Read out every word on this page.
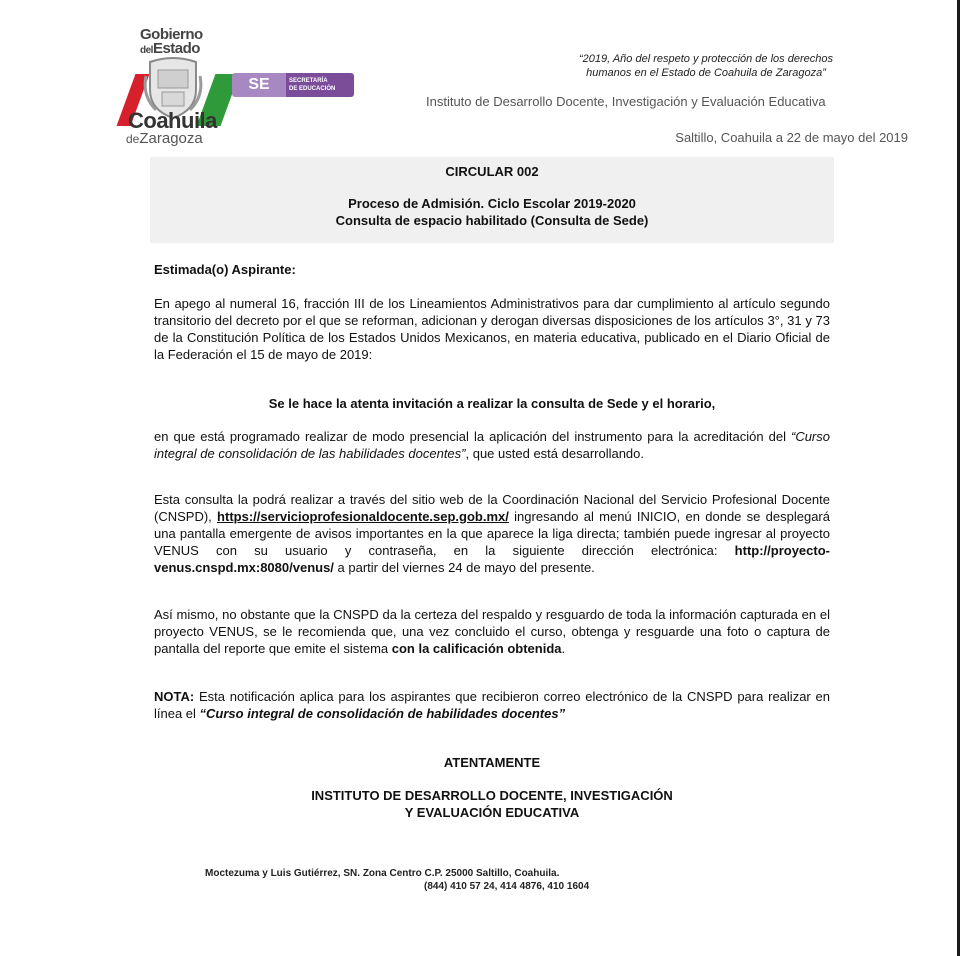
Gobierno
delEstado
Coahuila
deZaragoza
SE	SECRETARÍA
DE EDUCACIÓN
“2019, Año del respeto y protección de los derechos
humanos en el Estado de Coahuila de Zaragoza”
Instituto de Desarrollo Docente, Investigación y Evaluación Educativa
Saltillo, Coahuila a 22 de mayo del 2019
CIRCULAR 002
Proceso de Admisión. Ciclo Escolar 2019-2020
Consulta de espacio habilitado (Consulta de Sede)
Estimada(o) Aspirante:
En apego al numeral 16, fracción III de los Lineamientos Administrativos para dar cumplimiento al artículo segundo transitorio del decreto por el que se reforman, adicionan y derogan diversas disposiciones de los artículos 3°, 31 y 73 de la Constitución Política de los Estados Unidos Mexicanos, en materia educativa, publicado en el Diario Oficial de la Federación el 15 de mayo de 2019:
Se le hace la atenta invitación a realizar la consulta de Sede y el horario,
en que está programado realizar de modo presencial la aplicación del instrumento para la acreditación del “Curso integral de consolidación de las habilidades docentes”, que usted está desarrollando.
Esta consulta la podrá realizar a través del sitio web de la Coordinación Nacional del Servicio Profesional Docente (CNSPD), https://servicioprofesionaldocente.sep.gob.mx/ ingresando al menú INICIO, en donde se desplegará una pantalla emergente de avisos importantes en la que aparece la liga directa; también puede ingresar al proyecto VENUS con su usuario y contraseña, en la siguiente dirección electrónica: http://proyecto-venus.cnspd.mx:8080/venus/ a partir del viernes 24 de mayo del presente.
Así mismo, no obstante que la CNSPD da la certeza del respaldo y resguardo de toda la información capturada en el proyecto VENUS, se le recomienda que, una vez concluido el curso, obtenga y resguarde una foto o captura de pantalla del reporte que emite el sistema con la calificación obtenida.
NOTA: Esta notificación aplica para los aspirantes que recibieron correo electrónico de la CNSPD para realizar en línea el “Curso integral de consolidación de habilidades docentes”
ATENTAMENTE
INSTITUTO DE DESARROLLO DOCENTE, INVESTIGACIÓN
Y EVALUACIÓN EDUCATIVA
Moctezuma y Luis Gutiérrez, SN. Zona Centro C.P. 25000 Saltillo, Coahuila.
(844) 410 57 24, 414 4876, 410 1604
